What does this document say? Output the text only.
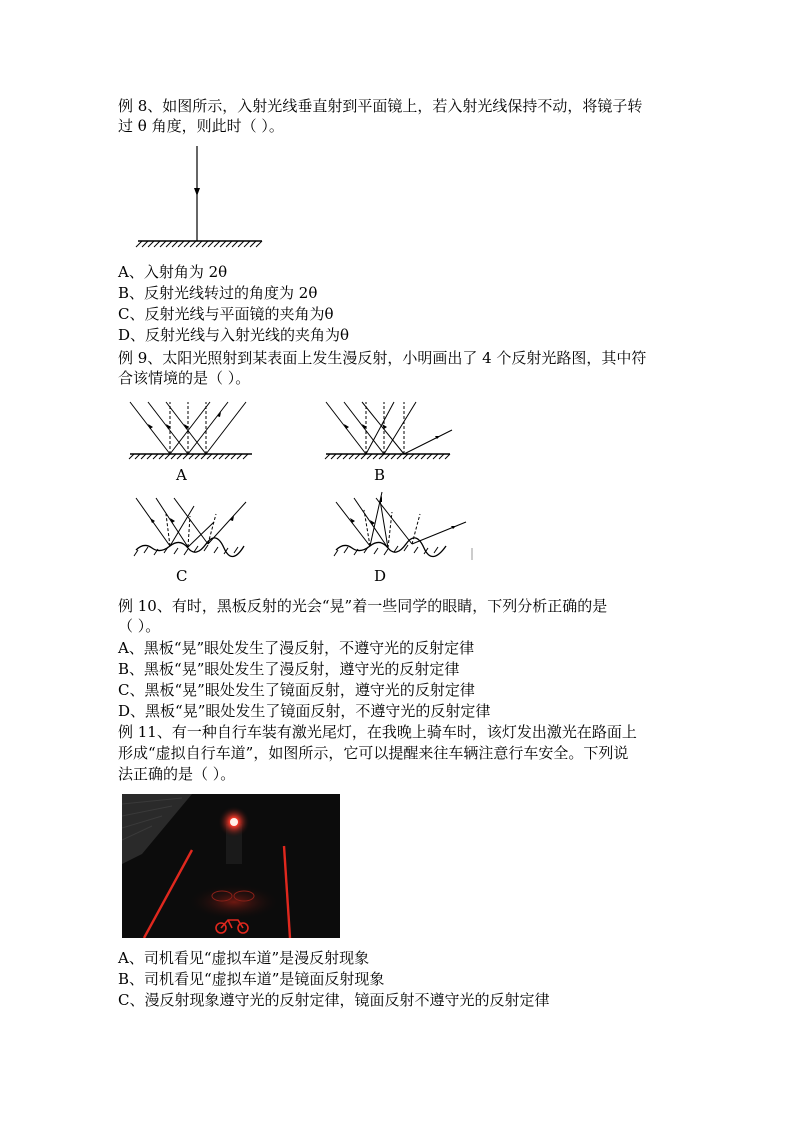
例 8、如图所示，入射光线垂直射到平面镜上，若入射光线保持不动，将镜子转
过 θ 角度，则此时（ ）。
A、入射角为 2θ
B、反射光线转过的角度为 2θ
C、反射光线与平面镜的夹角为θ
D、反射光线与入射光线的夹角为θ
例 9、太阳光照射到某表面上发生漫反射，小明画出了 4 个反射光路图，其中符
合该情境的是（ ）。
A	B
C	D
例 10、有时，黑板反射的光会“晃”着一些同学的眼睛，下列分析正确的是
（ ）。
A、黑板“晃”眼处发生了漫反射，不遵守光的反射定律
B、黑板“晃”眼处发生了漫反射，遵守光的反射定律
C、黑板“晃”眼处发生了镜面反射，遵守光的反射定律
D、黑板“晃”眼处发生了镜面反射，不遵守光的反射定律
例 11、有一种自行车装有激光尾灯，在我晚上骑车时，该灯发出激光在路面上
形成“虚拟自行车道”，如图所示，它可以提醒来往车辆注意行车安全。下列说
法正确的是（ ）。
A、司机看见“虚拟车道”是漫反射现象
B、司机看见“虚拟车道”是镜面反射现象
C、漫反射现象遵守光的反射定律，镜面反射不遵守光的反射定律
